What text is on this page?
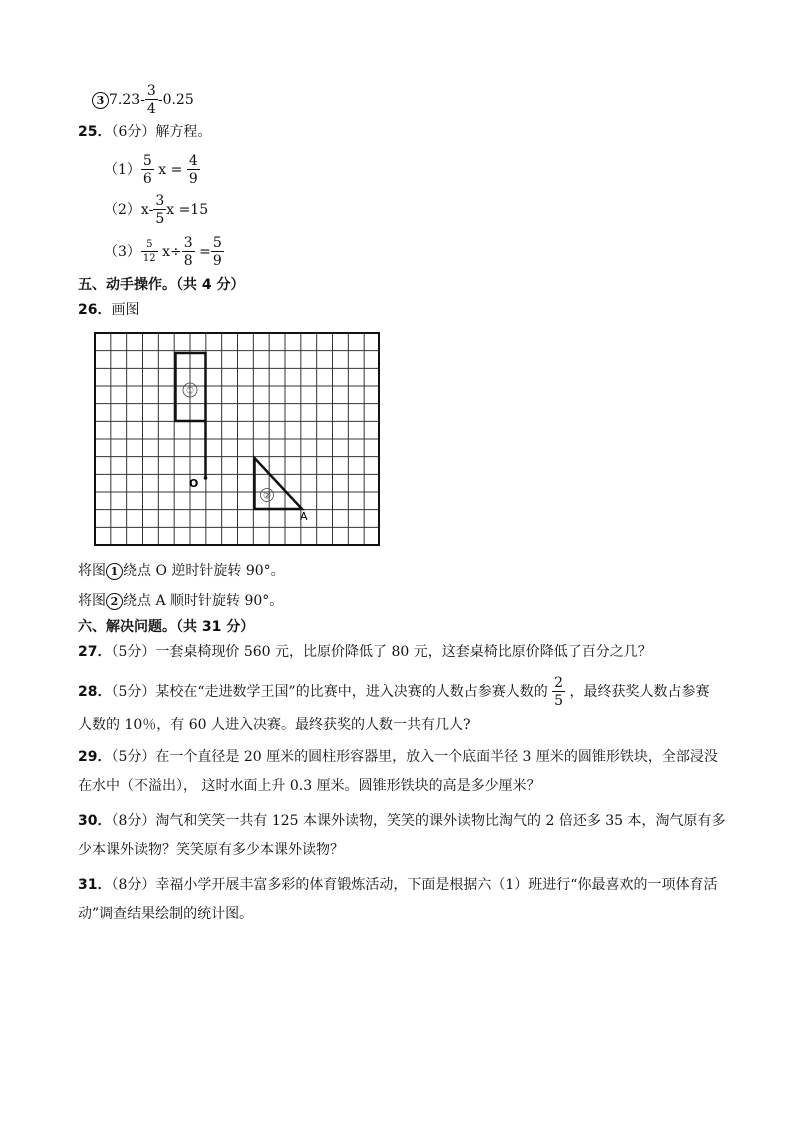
3 $7.23- \frac{3}{4} -0.25$
25．（6分）解方程。
$(1) \frac{5}{6}$ $x = \frac{4}{9}$
$(2)x- \frac{3}{5}$ x =15
$(3) \frac{5}{12} x\div \frac{3}{8} = \frac{5}{9}$
五、动手操作。（共 4 分）
26．画图
O
①
②
A
将图 1 绕点 O 逆时针旋转 90°。
将图 2 绕点 A 顺时针旋转 90°。
六、解决问题。（共 31 分）
27．（5分）一套桌椅现价 560 元，比原价降低了 80 元，这套桌椅比原价降低了百分之几？
28．（5分）某校在“走进数学王国”的比赛中，进入决赛的人数占参赛人数的 $\frac{2}{5}$ ，最终获奖人数占参赛
人数的 10％，有 60 人进入决赛。最终获奖的人数一共有几人?
29．（5分）在一个直径是 20 厘米的圆柱形容器里，放入一个底面半径 3 厘米的圆锥形铁块，全部浸没
在水中（不溢出）， 这时水面上升 0.3 厘米。圆锥形铁块的高是多少厘米？
30．（8分）淘气和笑笑一共有 125 本课外读物，笑笑的课外读物比淘气的 2 倍还多 35 本，淘气原有多
少本课外读物？笑笑原有多少本课外读物？
31．（8分）幸福小学开展丰富多彩的体育锻炼活动，下面是根据六（1）班进行“你最喜欢的一项体育活
动”调查结果绘制的统计图。
